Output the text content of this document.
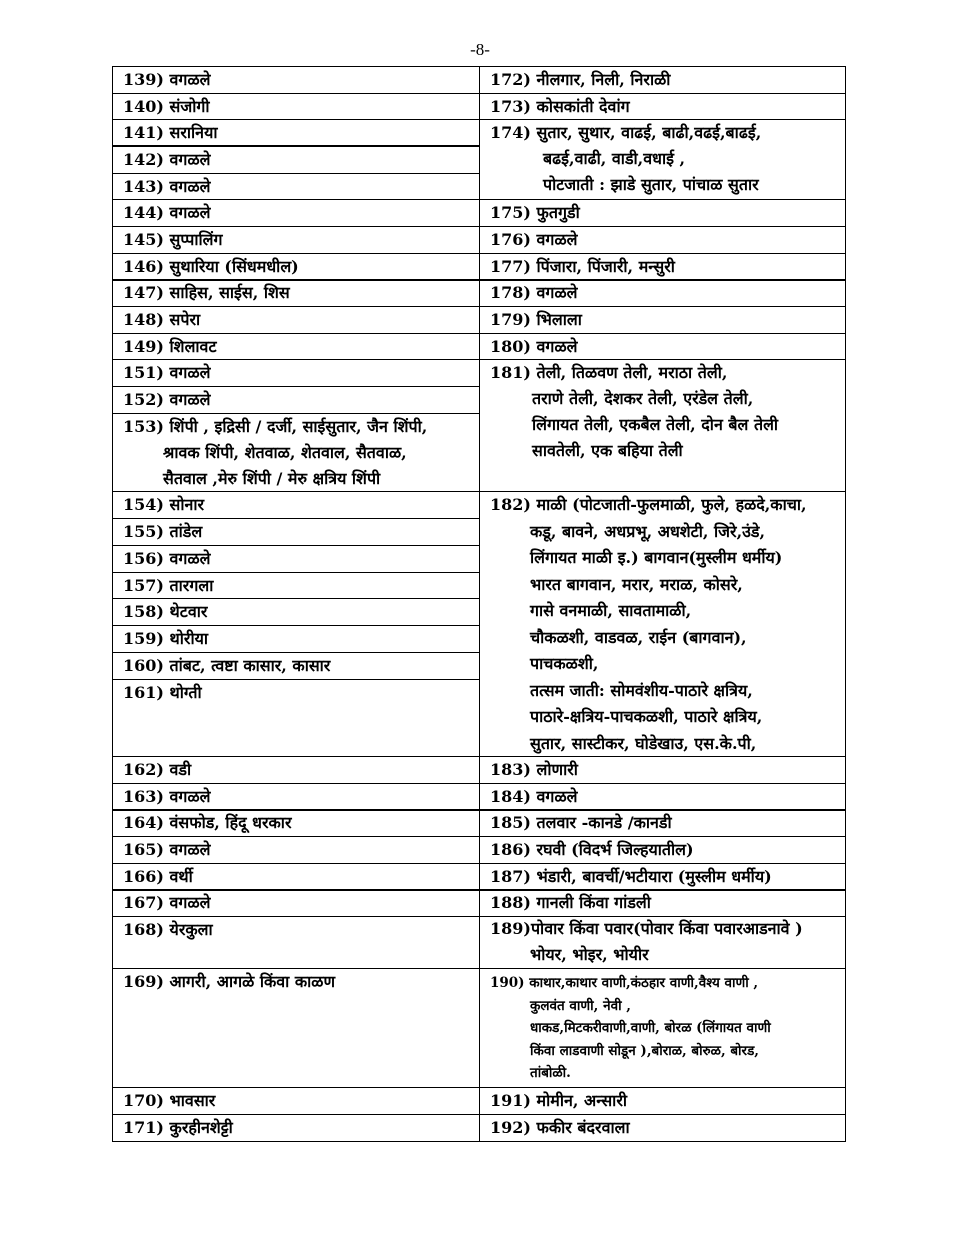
-8-
139) वगळले
140) संजोगी
141) सरानिया
142) वगळले
143) वगळले
144) वगळले
145) सुप्पालिंग
146) सुथारिया (सिंधमधील)
147) साहिस, साईस, शिस
148) सपेरा
149) शिलावट
151) वगळले
152) वगळले
153) शिंपी , इद्रिसी / दर्जी, साईसुतार, जैन शिंपी,
श्रावक शिंपी, शेतवाळ, शेतवाल, सैतवाळ,
सैतवाल ,मेरु शिंपी / मेरु क्षत्रिय शिंपी
154) सोनार
155) तांडेल
156) वगळले
157) तारगला
158) थेटवार
159) थोरीया
160) तांबट, त्वष्टा कासार, कासार
161) थोग्ती
162) वडी
163) वगळले
164) वंसफोड, हिंदू धरकार
165) वगळले
166) वर्थी
167) वगळले
168) येरकुला
169) आगरी, आगळे किंवा काळण
170) भावसार
171) कुरहीनशेट्टी
172) नीलगार, निली, निराळी
173) कोसकांती देवांग
174) सुतार, सुथार, वाढई, बाढी,वढई,बाढई,
बढई,वाढी, वाडी,वधाई ,
पोटजाती : झाडे सुतार, पांचाळ सुतार
175) फुतगुडी
176) वगळले
177) पिंजारा, पिंजारी, मन्सुरी
178) वगळले
179) भिलाला
180) वगळले
181) तेली, तिळवण तेली, मराठा तेली,
तराणे तेली, देशकर तेली, एरंडेल तेली,
लिंगायत तेली, एकबैल तेली, दोन बैल तेली
सावतेली, एक बहिया तेली
182) माळी (पोटजाती-फुलमाळी, फुले, हळदे,काचा,
कडू, बावने, अधप्रभू, अधशेटी, जिरे,उंडे,
लिंगायत माळी इ.) बागवान(मुस्लीम धर्मीय)
भारत बागवान, मरार, मराळ, कोसरे,
गासे वनमाळी, सावतामाळी,
चौकळशी, वाडवळ, राईन (बागवान),
पाचकळशी,
तत्सम जाती: सोमवंशीय-पाठारे क्षत्रिय,
पाठारे-क्षत्रिय-पाचकळशी, पाठारे क्षत्रिय,
सुतार, सास्टीकर, घोडेखाउ, एस.के.पी,
183) लोणारी
184) वगळले
185) तलवार -कानडे /कानडी
186) रघवी (विदर्भ जिल्हयातील)
187) भंडारी, बावर्ची/भटीयारा (मुस्लीम धर्मीय)
188) गानली किंवा गांडली
189)पोवार किंवा पवार(पोवार किंवा पवारआडनावे )
भोयर, भोइर, भोयीर
190) काथार,काथार वाणी,कंठहार वाणी,वैश्य वाणी ,
कुलवंत वाणी, नेवी ,
धाकड,मिटकरीवाणी,वाणी, बोरळ (लिंगायत वाणी
किंवा लाडवाणी सोडून ),बोराळ, बोरुळ, बोरड,
तांबोळी.
191) मोमीन, अन्सारी
192) फकीर बंदरवाला
